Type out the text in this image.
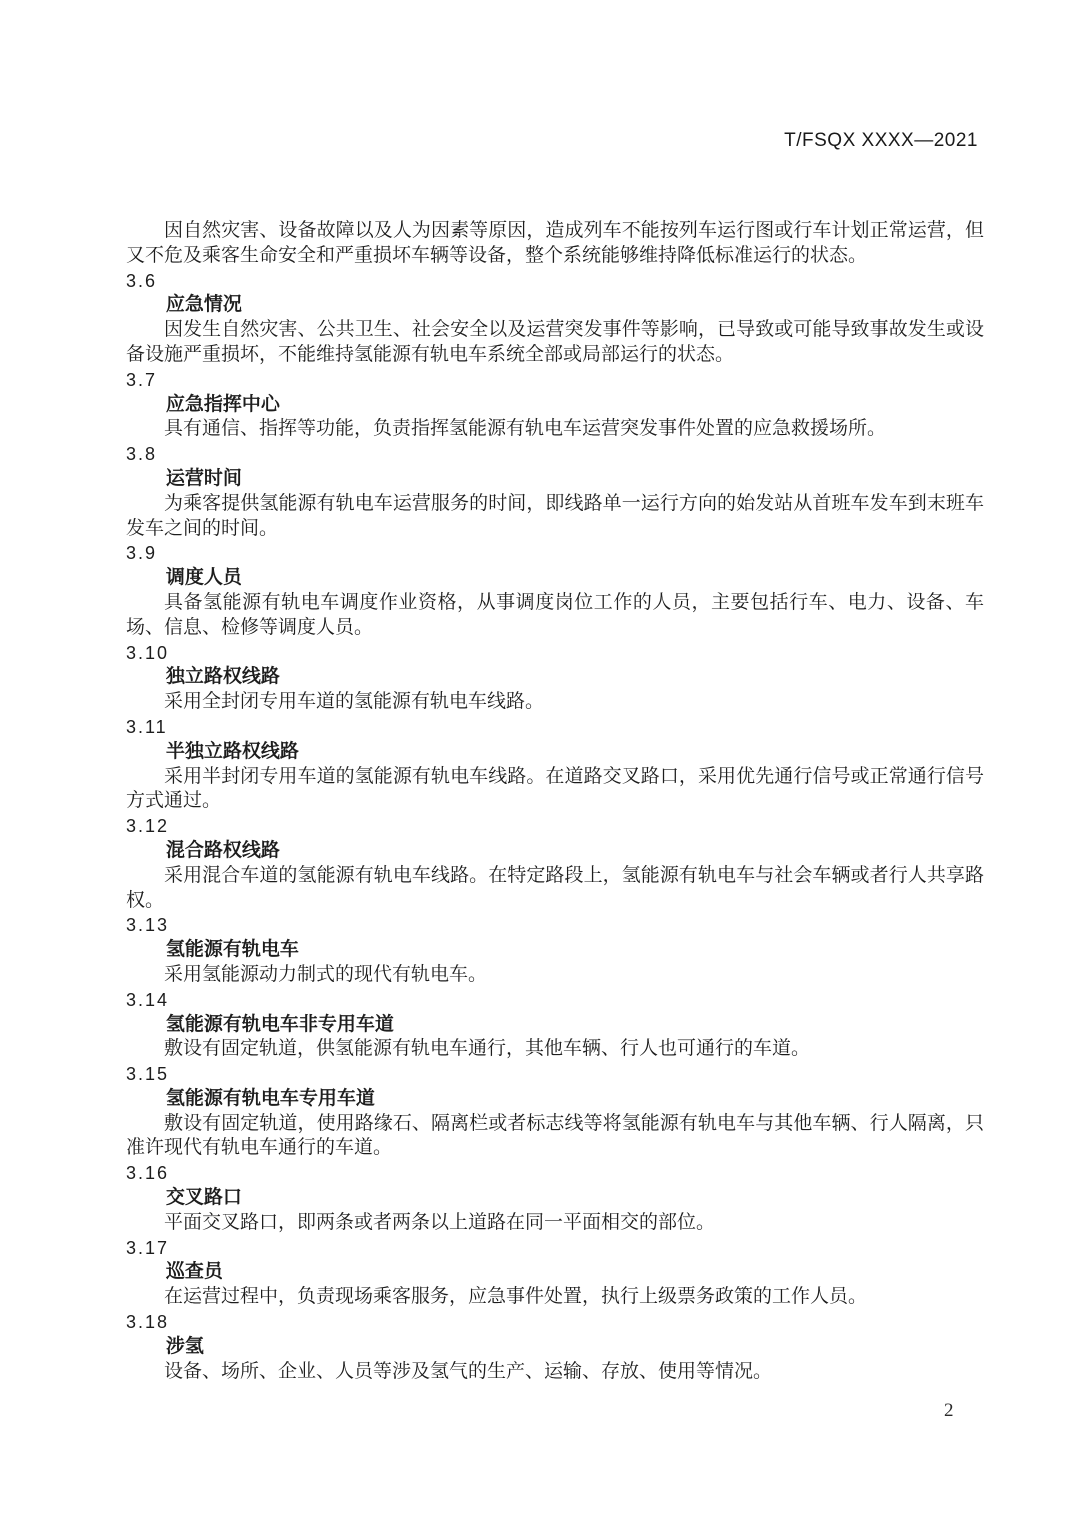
T/FSQX XXXX—2021

因自然灾害、设备故障以及人为因素等原因，造成列车不能按列车运行图或行车计划正常运营，但又不危及乘客生命安全和严重损坏车辆等设备，整个系统能够维持降低标准运行的状态。

3.6
应急情况

因发生自然灾害、公共卫生、社会安全以及运营突发事件等影响，已导致或可能导致事故发生或设备设施严重损坏，不能维持氢能源有轨电车系统全部或局部运行的状态。

3.7
应急指挥中心

具有通信、指挥等功能，负责指挥氢能源有轨电车运营突发事件处置的应急救援场所。

3.8
运营时间

为乘客提供氢能源有轨电车运营服务的时间，即线路单一运行方向的始发站从首班车发车到末班车发车之间的时间。

3.9
调度人员

具备氢能源有轨电车调度作业资格，从事调度岗位工作的人员，主要包括行车、电力、设备、车场、信息、检修等调度人员。

3.10
独立路权线路

采用全封闭专用车道的氢能源有轨电车线路。

3.11
半独立路权线路

采用半封闭专用车道的氢能源有轨电车线路。在道路交叉路口，采用优先通行信号或正常通行信号方式通过。

3.12
混合路权线路

采用混合车道的氢能源有轨电车线路。在特定路段上，氢能源有轨电车与社会车辆或者行人共享路权。

3.13
氢能源有轨电车

采用氢能源动力制式的现代有轨电车。

3.14
氢能源有轨电车非专用车道

敷设有固定轨道，供氢能源有轨电车通行，其他车辆、行人也可通行的车道。

3.15
氢能源有轨电车专用车道

敷设有固定轨道，使用路缘石、隔离栏或者标志线等将氢能源有轨电车与其他车辆、行人隔离，只准许现代有轨电车通行的车道。

3.16
交叉路口

平面交叉路口，即两条或者两条以上道路在同一平面相交的部位。

3.17
巡查员

在运营过程中，负责现场乘客服务，应急事件处置，执行上级票务政策的工作人员。

3.18
涉氢

设备、场所、企业、人员等涉及氢气的生产、运输、存放、使用等情况。

2
